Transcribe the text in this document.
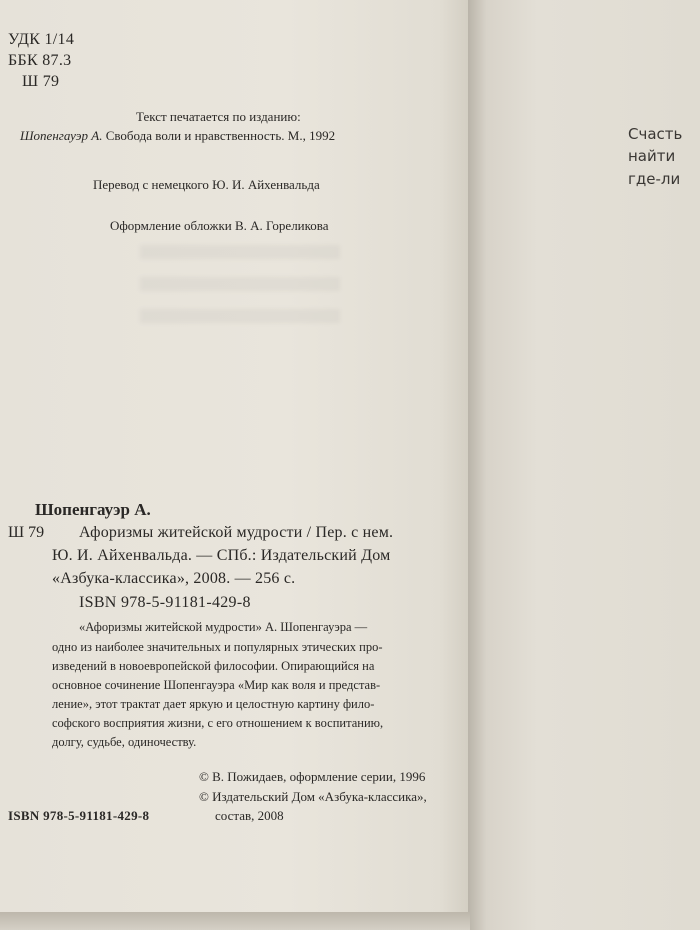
УДК 1/14
ББК 87.3
Ш 79
Текст печатается по изданию:
Шопенгауэр А. Свобода воли и нравственность. М., 1992
Перевод с немецкого Ю. И. Айхенвальда
Оформление обложки В. А. Гореликова
Шопенгауэр А.
Ш 79 Афоризмы житейской мудрости / Пер. с нем.
Ю. И. Айхенвальда. — СПб.: Издательский Дом
«Азбука-классика», 2008. — 256 с.
ISBN 978-5-91181-429-8
«Афоризмы житейской мудрости» А. Шопенгауэра —
одно из наиболее значительных и популярных этических про-
изведений в новоевропейской философии. Опирающийся на
основное сочинение Шопенгауэра «Мир как воля и представ-
ление», этот трактат дает яркую и целостную картину фило-
софского восприятия жизни, с его отношением к воспитанию,
долгу, судьбе, одиночеству.
© В. Пожидаев, оформление серии, 1996
© Издательский Дом «Азбука-классика»,
состав, 2008
ISBN 978-5-91181-429-8
Счасть
найти
где-ли
